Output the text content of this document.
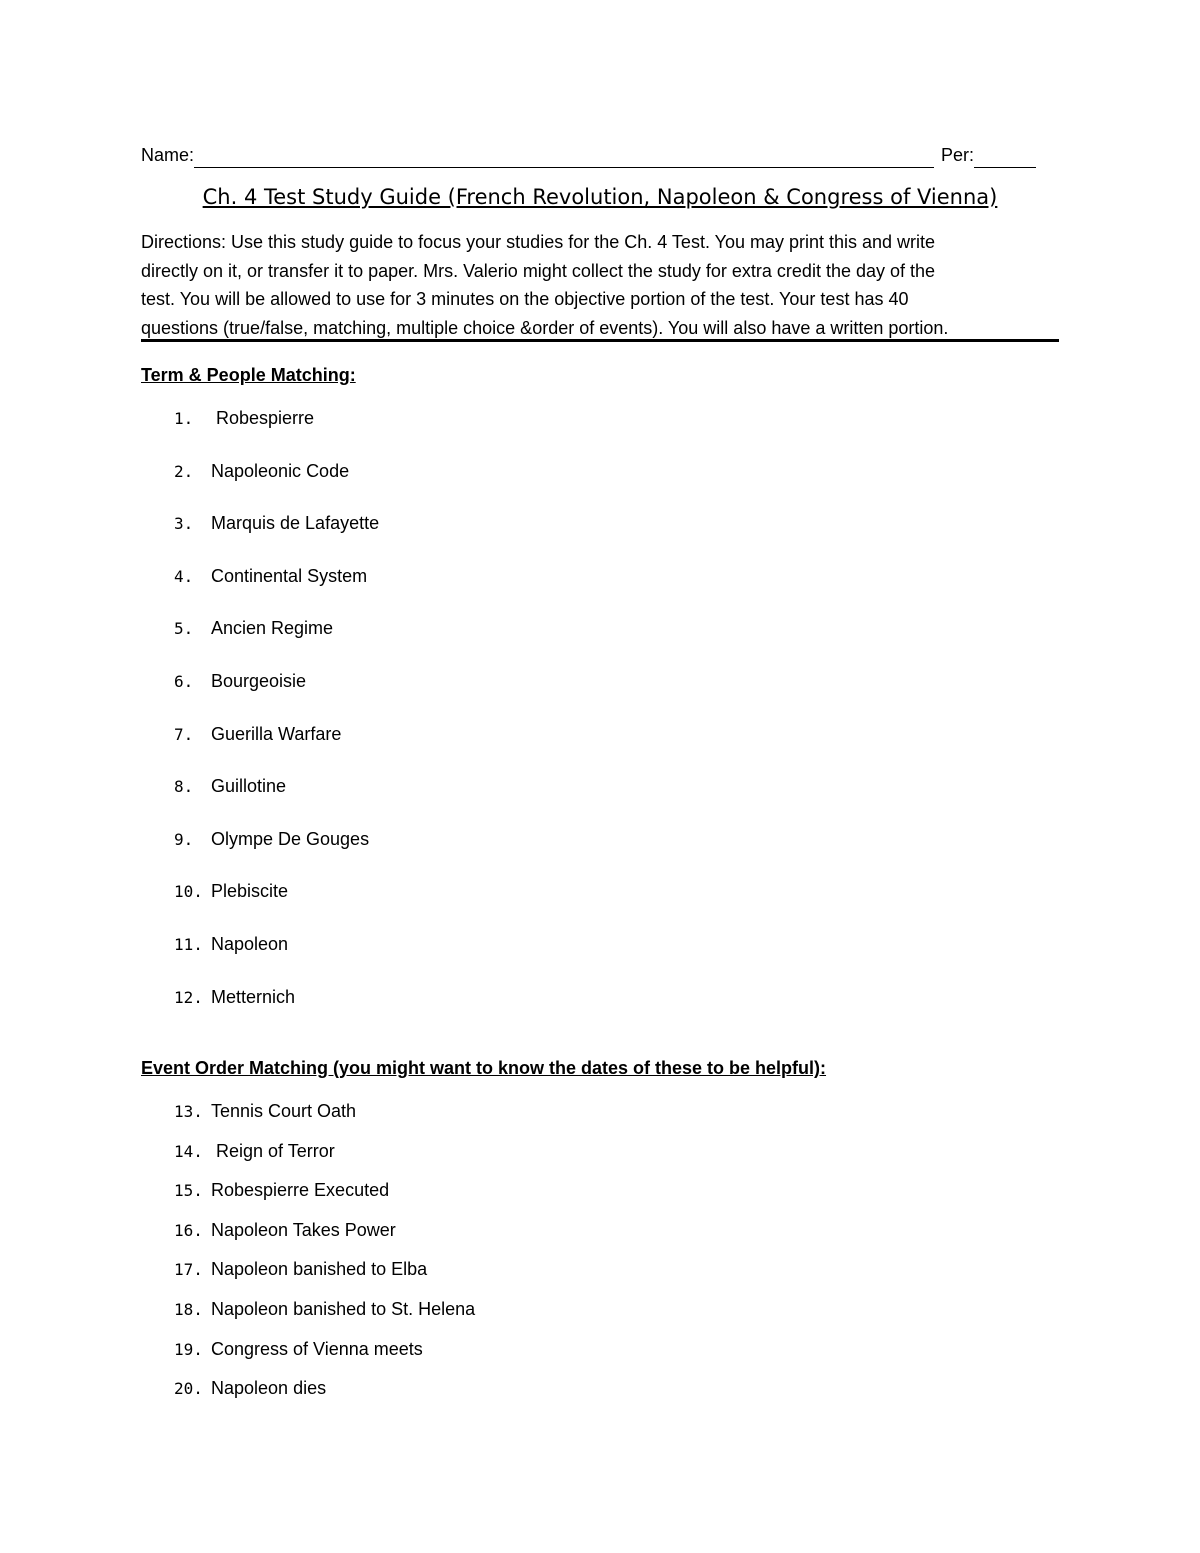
Name:	Per:
Ch. 4 Test Study Guide (French Revolution, Napoleon & Congress of Vienna)

Directions: Use this study guide to focus your studies for the Ch. 4 Test. You may print this and write

directly on it, or transfer it to paper. Mrs. Valerio might collect the study for extra credit the day of the

test. You will be allowed to use for 3 minutes on the objective portion of the test. Your test has 40

questions (true/false, matching, multiple choice &order of events). You will also have a written portion.

Term & People Matching:
1. Robespierre
2. Napoleonic Code
3. Marquis de Lafayette
4. Continental System
5. Ancien Regime
6. Bourgeoisie
7. Guerilla Warfare
8. Guillotine
9. Olympe De Gouges
10. Plebiscite
11. Napoleon
12. Metternich
Event Order Matching (you might want to know the dates of these to be helpful):
13. Tennis Court Oath
14. Reign of Terror
15. Robespierre Executed
16. Napoleon Takes Power
17. Napoleon banished to Elba
18. Napoleon banished to St. Helena
19. Congress of Vienna meets
20. Napoleon dies
